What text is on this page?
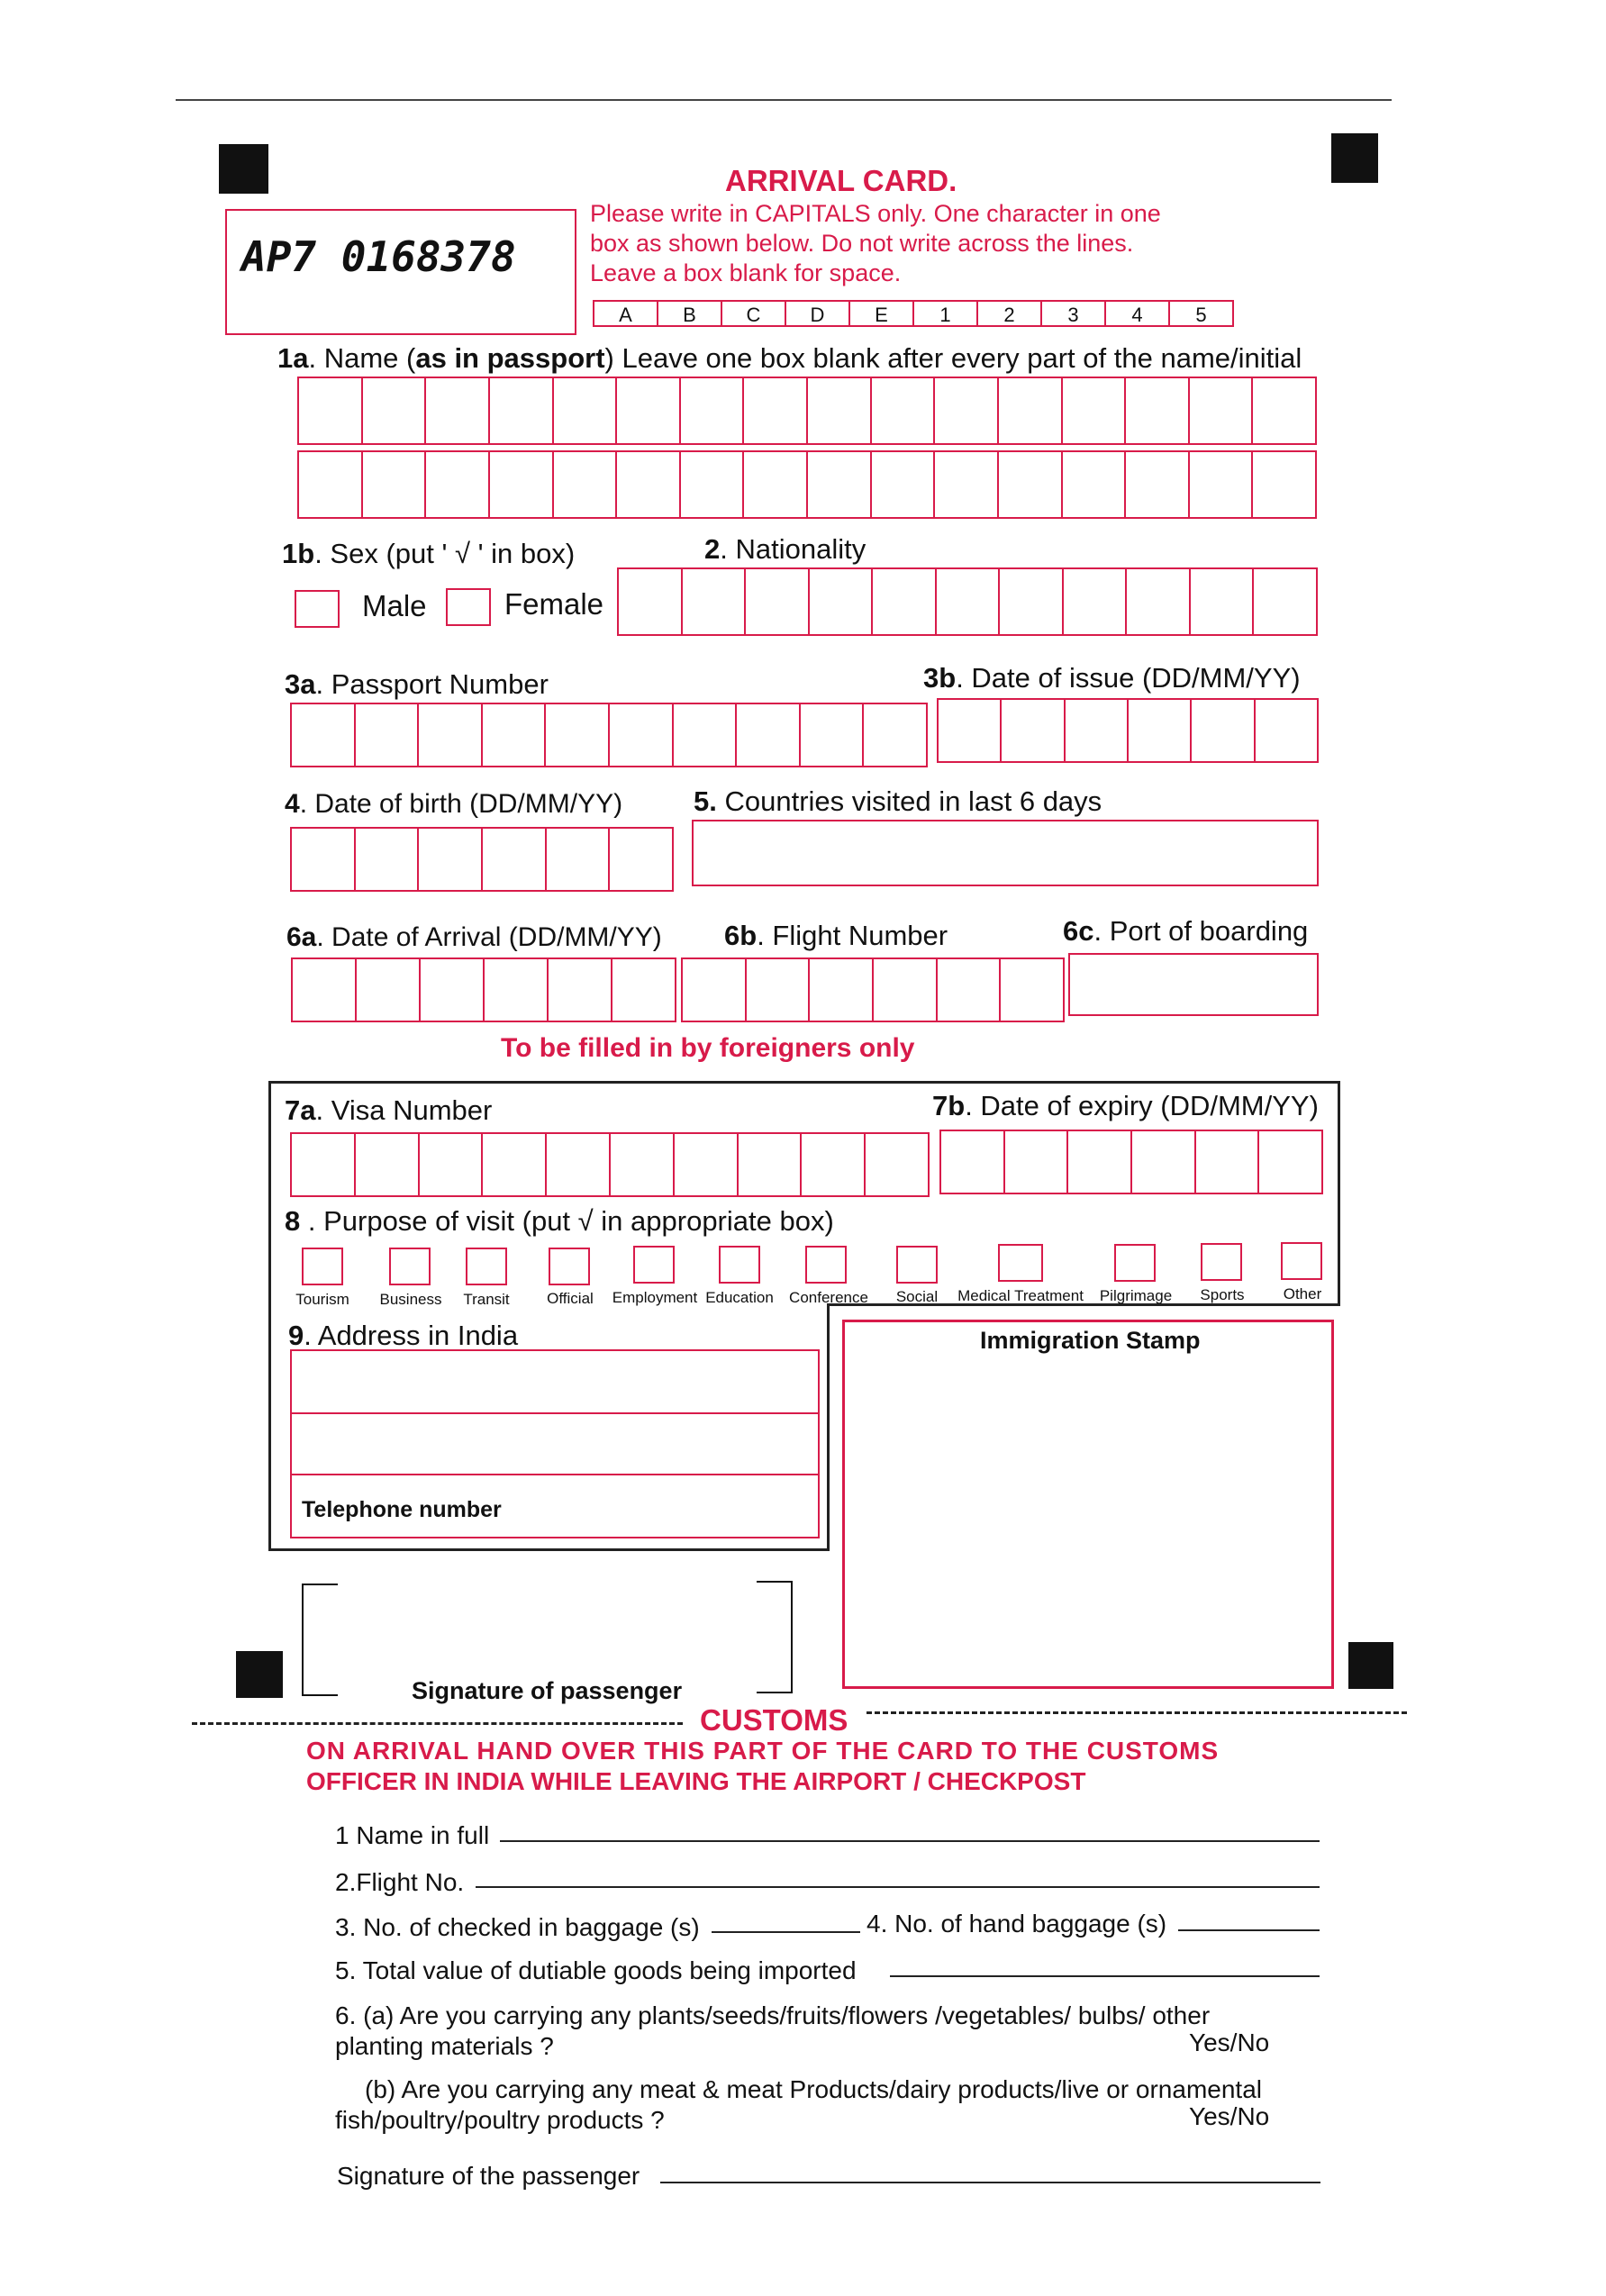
AP7 0168378
ARRIVAL CARD.
Please write in CAPITALS only. One character in one
box as shown below. Do not write across the lines.
Leave a box blank for space.
A	B	C	D	E	1	2	3	4	5
1a. Name (as in passport) Leave one box blank after every part of the name/initial
1b. Sex (put ' √ ' in box)
Male	Female
2. Nationality
3a. Passport Number	3b. Date of issue (DD/MM/YY)
4. Date of birth (DD/MM/YY)	5. Countries visited in last 6 days
6a. Date of Arrival (DD/MM/YY) 6b. Flight Number	6c. Port of boarding
To be filled in by foreigners only
7a. Visa Number	7b. Date of expiry (DD/MM/YY)
8 . Purpose of visit (put √ in appropriate box)
Tourism Business Transit Official Employment Education Conference Social Medical Treatment Pilgrimage Sports	Other
9. Address in India
Telephone number
Immigration Stamp
Signature of passenger
CUSTOMS
ON ARRIVAL HAND OVER THIS PART OF THE CARD TO THE CUSTOMS
OFFICER IN INDIA WHILE LEAVING THE AIRPORT / CHECKPOST
1 Name in full
2.Flight No.
3. No. of checked in baggage (s)	4. No. of hand baggage (s)
5. Total value of dutiable goods being imported
6. (a) Are you carrying any plants/seeds/fruits/flowers /vegetables/ bulbs/ other
planting materials ?	Yes/No
(b) Are you carrying any meat & meat Products/dairy products/live or ornamental
fish/poultry/poultry products ?	Yes/No
Signature of the passenger
